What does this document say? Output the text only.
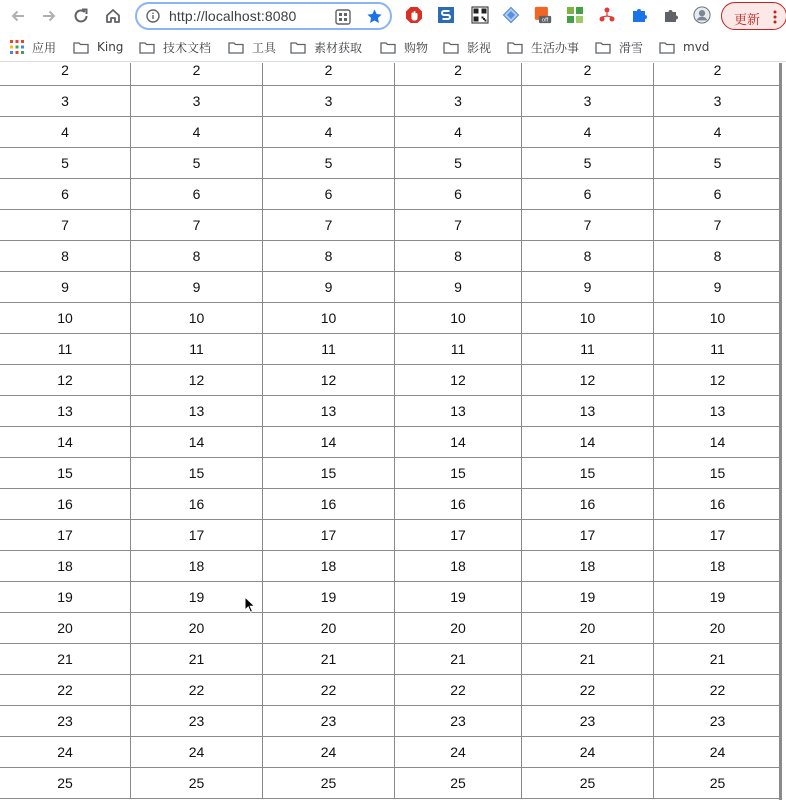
http://localhost:8080	off	更新
应用	King	技术文档	工具	素材获取	购物	影视	生活办事	滑雪	mvd
2	2	2	2	2	2
3	3	3	3	3	3
4	4	4	4	4	4
5	5	5	5	5	5
6	6	6	6	6	6
7	7	7	7	7	7
8	8	8	8	8	8
9	9	9	9	9	9
10	10	10	10	10	10
11	11	11	11	11	11
12	12	12	12	12	12
13	13	13	13	13	13
14	14	14	14	14	14
15	15	15	15	15	15
16	16	16	16	16	16
17	17	17	17	17	17
18	18	18	18	18	18
19	19	19	19	19	19
20	20	20	20	20	20
21	21	21	21	21	21
22	22	22	22	22	22
23	23	23	23	23	23
24	24	24	24	24	24
25	25	25	25	25	25
